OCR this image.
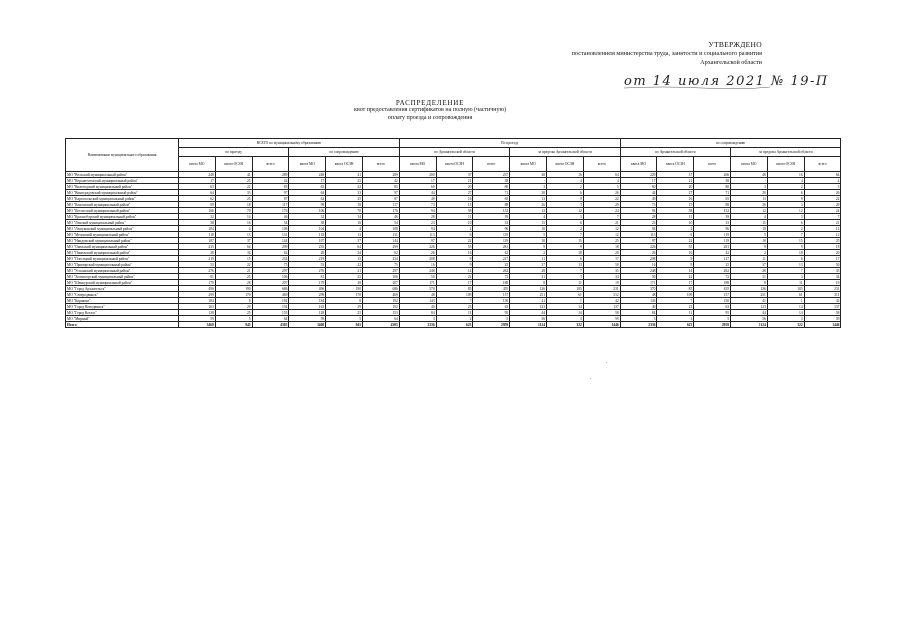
УТВЕРЖДЕНО
постановлением министерства труда, занятости и социального развития
Архангельской области
от 14 июля 2021 № 19-П
РАСПРЕДЕЛЕНИЕ
квот предоставления сертификатов на полную (частичную)
оплату проезда и сопровождения
Наименование муниципального образования	ВСЕГО по муниципальному образованию						По проезду						по сопровождению					
	по проезду			по сопровождению			по Архангельской области			за пределы Архангельской области			по Архангельской области			за пределы Архангельской области		
	квота МО	квота ОСЗН	всего	квота МО	квота ОСЗН	всего	квота МО	квота ОСЗН	всего	квота МО	квота ОСЗН	всего	квота МО	квота ОСЗН	всего	квота МО	квота ОСЗН	всего
МО "Вельский муниципальный район"	248	41	289	248	41	289	200	37	237	48	16	64	229	37	266	48	16	64
МО "Верхнетоемский муниципальный район"	17	25	42	17	25	42	17	21	38	-	4	4	17	21	38	-	4	4
МО "Вилегодский муниципальный район"	63	22	85	63	22	85	60	20	80	3	2	5	60	20	80	3	2	5
МО "Виноградовский муниципальный район"	64	33	97	64	33	97	44	27	71	20	6	26	44	27	71	20	6	26
МО "Каргопольский муниципальный район"	62	25	87	62	25	87	49	16	65	13	9	22	49	16	65	13	9	22
МО "Коношский муниципальный район"	99	18	117	99	18	117	73	15	88	26	3	29	73	15	88	26	3	29
МО "Котласский муниципальный район"	106	70	176	106	70	176	94	58	152	12	12	24	94	58	152	12	12	24
МО "Красноборский муниципальный район"	32	14	46	32	14	46	28	11	39	4	3	7	28	11	39	4	3	7
МО "Ленский муниципальный район"	38	16	54	38	16	54	23	10	33	15	6	21	23	10	33	15	6	21
МО "Лешуконский муниципальный район"	104	4	108	104	4	108	94	2	96	10	2	12	94	2	96	10	2	12
МО "Мезенский муниципальный район"	118	13	131	118	13	131	113	6	119	5	7	12	113	6	119	5	7	12
МО "Няндомский муниципальный район"	107	37	144	107	37	144	97	22	119	10	15	25	97	22	119	10	15	25
МО "Онежский муниципальный район"	235	64	299	235	64	299	226	55	281	9	9	18	226	55	281	9	9	18
МО "Пинежский муниципальный район"	28	34	62	28	34	62	26	16	42	2	18	20	26	16	42	2	18	20
МО "Плесецкий муниципальный район"	219	15	234	219	15	234	208	9	217	11	6	17	208	9	217	11	6	17
МО "Приморский муниципальный район"	53	22	75	53	22	75	16	9	25	37	13	50	16	9	25	37	13	50
МО "Устьянский муниципальный район"	276	21	297	276	21	297	248	14	262	28	7	35	248	14	262	28	7	35
МО "Холмогорский муниципальный район"	81	25	106	81	25	106	50	22	72	31	3	34	50	22	72	31	3	34
МО "Шенкурский муниципальный район"	179	28	207	179	28	207	171	17	188	8	11	19	171	17	188	8	11	19
МО "Город Архангельск"	496	190	686	496	190	686	370	85	455	126	105	231	370	85	455	126	105	231
МО "Северодвинск"	299	170	469	299	170	469	48	109	157	251	61	312	48	109	157	251	61	311
МО "Коряжма"	184	8	192	184	8	192	143	7	150	41	1	42	143	7	150	41	1	42
МО "Город Новодвинск"	163	29	192	163	29	192	40	23	63	123	14	137	40	23	63	123	14	137
МО "Город Котлас"	128	25	153	128	25	153	84	11	95	44	14	58	84	11	95	44	14	58
МО "Мирный"	59	5	64	59	5	64	3	2	5	56	3	59	3	2	5	56	3	59
Итого	3460	945	4305	3460	945	4305	2336	623	2959	1124	322	1446	2336	623	2959	1124	322	1446
